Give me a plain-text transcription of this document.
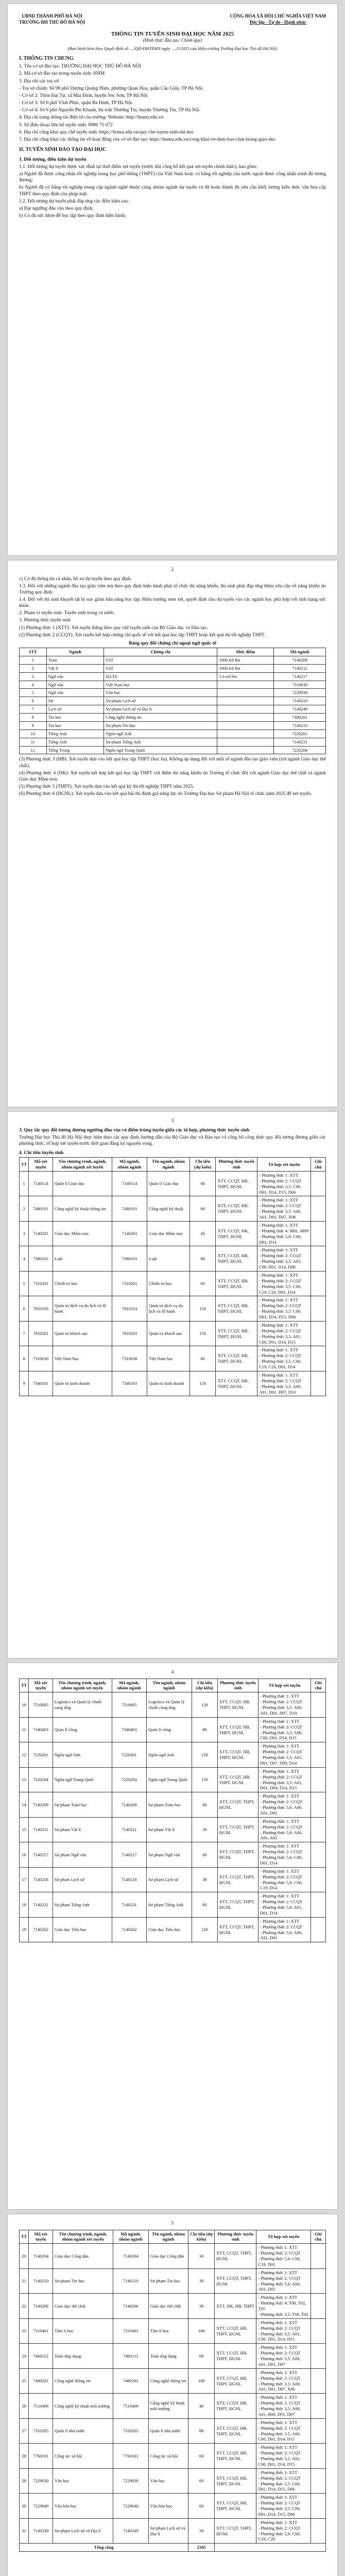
UBND THÀNH PHỐ HÀ NỘI
TRƯỜNG ĐH THỦ ĐÔ HÀ NỘI
CỘNG HÒA XÃ HỘI CHỦ NGHĨA VIỆT NAM
Độc lập - Tự do - Hạnh phúc
THÔNG TIN TUYỂN SINH ĐẠI HỌC NĂM 2025
(Hình thức đào tạo: Chính quy)
(Ban hành kèm theo Quyết định số ..../QĐ-ĐHTĐHN ngày ..../5/2025 của Hiệu trưởng Trường Đại học Thủ đô Hà Nội)
I. THÔNG TIN CHUNG

1. Tên cơ sở đào tạo: TRƯỜNG ĐẠI HỌC THỦ ĐÔ HÀ NỘI

2. Mã cơ sở đào tạo trong tuyển sinh: HNM

3. Địa chỉ các trụ sở:

- Trụ sở chính: Số 98 phố Dương Quảng Hàm, phường Quan Hoa, quận Cầu Giấy, TP Hà Nội.

- Cơ sở 2: Thôn Đại Tự, xã Mai Đình, huyện Sóc Sơn, TP Hà Nội.

- Cơ sở 3: Số 6 phố Vĩnh Phúc, quận Ba Đình, TP Hà Nội.

- Cơ sở 4: Số 6 phố Nguyễn Phi Khanh, thị trấn Thường Tín, huyện Thường Tín, TP Hà Nội.

4. Địa chỉ trang thông tin điện tử của trường: Website: http://hnmu.edu.vn

5. Số điện thoại liên hệ tuyển sinh: 0986 75 072

6. Địa chỉ công khai quy chế tuyển sinh: https://hnmu.edu.vn/quy-che-tuyen-sinh-dai-hoc

7. Địa chỉ công khai các thông tin về hoạt động của cơ sở đào tạo: https://hnmu.edu.vn/cong-khai-ve-dam-bao-chat-luong-giao-duc

II. TUYỂN SINH ĐÀO TẠO ĐẠI HỌC
1. Đối tượng, điều kiện dự tuyển

1.1. Đối tượng dự tuyển được xác định tại thời điểm xét tuyển (trước khi công bố kết quả xét tuyển chính thức), bao gồm:

a) Người đã được công nhận tốt nghiệp trung học phổ thông (THPT) của Việt Nam hoặc có bằng tốt nghiệp của nước ngoài được công nhận trình độ tương đương;

b) Người đã có bằng tốt nghiệp trung cấp ngành nghề thuộc cùng nhóm ngành dự tuyển và đã hoàn thành đủ yêu cầu khối lượng kiến thức văn hóa cấp THPT theo quy định của pháp luật.

1.2. Đối tượng dự tuyển phải đáp ứng các điều kiện sau:

a) Đạt ngưỡng đầu vào theo quy định;

b) Có đủ sức khỏe để học tập theo quy định hiện hành;

2

c) Có đủ thông tin cá nhân, hồ sơ dự tuyển theo quy định.

1.3. Đối với những ngành đào tạo giáo viên mà theo quy định hiện hành phải tổ chức thi năng khiếu, thí sinh phải đáp ứng thêm yêu cầu về năng khiếu do Trường quy định.

1.4. Đối với thí sinh khuyết tật bị suy giảm khả năng học tập: Hiệu trưởng xem xét, quyết định cho dự tuyển vào các ngành học phù hợp với tình trạng sức khỏe.

2. Phạm vi tuyển sinh: Tuyển sinh trong cả nước.

3. Phương thức tuyển sinh

(1) Phương thức 1 (XTT): Xét tuyển thẳng theo quy chế tuyển sinh của Bộ Giáo dục và Đào tạo.

(2) Phương thức 2 (CCQT): Xét tuyển kết hợp chứng chỉ quốc tế với kết quả học tập THPT hoặc kết quả thi tốt nghiệp THPT.

Bảng quy đổi chứng chỉ ngoại ngữ quốc tế

STT	Ngành	Chứng chỉ	Mức điểm	Mã ngành
1	Toán	SAT	1000 trở lên	7140209
2	Vật lí	SAT	1000 trở lên	7140211
3	Ngữ văn	IELTS	5.0 trở lên	7140217
4	Ngữ văn	Việt Nam học		7310630
5	Ngữ văn	Văn học		7229030
6	Sử	Sư phạm Lịch sử		7140218
7	Lịch sử	Sư phạm Lịch sử và Địa lí		7140249
8	Tin học	Công nghệ thông tin		7480201
9	Tin học	Sư phạm Tin học		7140210
10	Tiếng Anh	Ngôn ngữ Anh		7220201
11	Tiếng Anh	Sư phạm Tiếng Anh		7140231
12	Tiếng Trung	Ngôn ngữ Trung Quốc		7220204

(3) Phương thức 3 (HB): Xét tuyển dựa vào kết quả học tập THPT (học bạ). Không áp dụng đối với một số ngành đào tạo giáo viên (trừ ngành Giáo dục thể chất).

(4) Phương thức 4 (NK): Xét tuyển kết hợp kết quả học tập THPT với điểm thi năng khiếu do Trường tổ chức đối với ngành Giáo dục thể chất và ngành Giáo dục Mầm non.

(5) Phương thức 5 (THPT): Xét tuyển dựa vào kết quả kỳ thi tốt nghiệp THPT năm 2025.

(6) Phương thức 6 (ĐGNL): Xét tuyển dựa vào kết quả bài thi đánh giá năng lực do Trường Đại học Sư phạm Hà Nội tổ chức năm 2025 để xét tuyển.

3
3. Quy tắc quy đổi tương đương ngưỡng đầu vào và điểm trúng tuyển giữa các tổ hợp, phương thức tuyển sinh

Trường Đại học Thủ đô Hà Nội thực hiện theo các quy định, hướng dẫn của Bộ Giáo dục và Đào tạo và công bố công thức quy đổi tương đương giữa các phương thức, tổ hợp xét tuyển trước thời gian đăng ký nguyện vọng.

4. Chỉ tiêu tuyển sinh
TT	Mã xét tuyển	Tên chương trình, ngành, nhóm ngành xét tuyển	Mã ngành, nhóm ngành	Tên ngành, nhóm ngành	Chỉ tiêu (dự kiến)	Phương thức tuyển sinh	Tổ hợp xét tuyển	Ghi chú
1	7140114	Quản lí Giáo dục	7140114	Quản lí Giáo dục	60	XTT, CCQT, HB, THPT, ĐGNL	- Phương thức 1: XTT
- Phương thức 2: CCQT
- Phương thức 3,5: C00, D01, D14, D15, D66	
2	7480101	Công nghệ kỹ thuật thông tin	7480101	Công nghệ kỹ thuật	60	XTT, CCQT, HB, THPT, ĐGNL	- Phương thức 1: XTT
- Phương thức 2: CCQT
- Phương thức 3,5: A00, A01, D01, D07, X06	
3	7140201	Giáo dục Mầm non	7140201	Giáo dục Mầm non	45	XTT, CCQT, NK, THPT, ĐGNL	- Phương thức 1: XTT
- Phương thức 4: M01, M09
- Phương thức 5,6: C00, D01, D14	
4	7380101	Luật	7380101	Luật	80	XTT, CCQT, HB, THPT, ĐGNL	- Phương thức 1: XTT
- Phương thức 2: CCQT
- Phương thức 3,5: A01, C00, D01, D14, D66	
5	7310201	Chính trị học	7310201	Chính trị học	60	XTT, CCQT, HB, THPT, ĐGNL	- Phương thức 1: XTT
- Phương thức 2: CCQT
- Phương thức 3,5: C00, C19, C20, D01, D14	
6	7810103	Quản trị dịch vụ du lịch và lữ hành	7810103	Quản trị dịch vụ du lịch và lữ hành	150	XTT, CCQT, HB, THPT, ĐGNL	- Phương thức 1: XTT
- Phương thức 2: CCQT
- Phương thức 3,5: C00, D01, D14, D15, D66	
7	7810201	Quản trị khách sạn	7810201	Quản trị khách sạn	150	XTT, CCQT, HB, THPT, ĐGNL	- Phương thức 1: XTT
- Phương thức 2: CCQT
- Phương thức 3,5: A01, C00, D01, D14, D15	
8	7310630	Việt Nam học	7310630	Việt Nam học	80	XTT, CCQT, HB, THPT, ĐGNL	- Phương thức 1: XTT
- Phương thức 2: CCQT
- Phương thức 3,5: C00, C19, C20, D01, D14	
9	7340101	Quản trị kinh doanh	7340101	Quản trị kinh doanh	150	XTT, CCQT, HB, THPT, ĐGNL	- Phương thức 1: XTT
- Phương thức 2: CCQT
- Phương thức 3,5: A00, A01, D01, D07, D10	
4
TT	Mã xét tuyển	Tên chương trình, ngành, nhóm ngành xét tuyển	Mã ngành, nhóm ngành	Tên ngành, nhóm ngành	Chỉ tiêu (dự kiến)	Phương thức tuyển sinh	Tổ hợp xét tuyển	Ghi chú
10	7510605	Logistics và Quản lý chuỗi cung ứng	7510605	Logistics và Quản lý chuỗi cung ứng	120	XTT, CCQT, HB, THPT, ĐGNL	- Phương thức 1: XTT
- Phương thức 2: CCQT
- Phương thức 3,5: A00, A01, D01, D07, D10	
11	7340403	Quản lí công	7340403	Quản lí công	80	XTT, CCQT, HB, THPT, ĐGNL	- Phương thức 1: XTT
- Phương thức 2: CCQT
- Phương thức 3,5: A00, C00, D01, D14, D15	
12	7220201	Ngôn ngữ Anh	7220201	Ngôn ngữ Anh	150	XTT, CCQT, HB, THPT, ĐGNL	- Phương thức 1: XTT
- Phương thức 2: CCQT
- Phương thức 3,5: A01, D01, D07, D09, D14	
13	7220204	Ngôn ngữ Trung Quốc	7220204	Ngôn ngữ Trung Quốc	150	XTT, CCQT, HB, THPT, ĐGNL	- Phương thức 1: XTT
- Phương thức 2: CCQT
- Phương thức 3,5: A01, D01, D04, D14, D15	
14	7140209	Sư phạm Toán học	7140209	Sư phạm Toán học	60	XTT, CCQT, THPT, ĐGNL	- Phương thức 1: XTT
- Phương thức 2: CCQT
- Phương thức 5,6: A00, A01, D01	
15	7140211	Sư phạm Vật lí	7140211	Sư phạm Vật lí	30	XTT, CCQT, THPT, ĐGNL	- Phương thức 1: XTT
- Phương thức 2: CCQT
- Phương thức 5,6: A00, A01, A02	
16	7140217	Sư phạm Ngữ văn	7140217	Sư phạm Ngữ văn	60	XTT, CCQT, THPT, ĐGNL	- Phương thức 1: XTT
- Phương thức 2: CCQT
- Phương thức 5,6: C00, D01, D14	
17	7140218	Sư phạm Lịch sử	7140218	Sư phạm Lịch sử	30	XTT, CCQT, THPT, ĐGNL	- Phương thức 1: XTT
- Phương thức 2: CCQT
- Phương thức 5,6: C00, C19, D14	
18	7140231	Sư phạm Tiếng Anh	7140231	Sư phạm Tiếng Anh	60	XTT, CCQT, THPT, ĐGNL	- Phương thức 1: XTT
- Phương thức 2: CCQT
- Phương thức 5,6: A01, D01, D14	
19	7140202	Giáo dục Tiểu học	7140202	Giáo dục Tiểu học	120	XTT, CCQT, THPT, ĐGNL	- Phương thức 1: XTT
- Phương thức 2: CCQT
- Phương thức 5,6: A00, A01, D01	
5
TT	Mã xét tuyển	Tên chương trình, ngành, nhóm ngành xét tuyển	Mã ngành, nhóm ngành	Tên ngành, nhóm ngành	Chỉ tiêu (dự kiến)	Phương thức tuyển sinh	Tổ hợp xét tuyển	Ghi chú
20	7140204	Giáo dục Công dân	7140204	Giáo dục Công dân	30	XTT, CCQT, THPT, ĐGNL	- Phương thức 1: XTT
- Phương thức 2: CCQT
- Phương thức 5,6: C00, C19, D01	
21	7140210	Sư phạm Tin học	7140210	Sư phạm Tin học	30	XTT, CCQT, THPT, ĐGNL	- Phương thức 1: XTT
- Phương thức 2: CCQT
- Phương thức 5,6: A00, A01, D01	
22	7140206	Giáo dục thể chất	7140206	Giáo dục thể chất	30	XTT, NK, HB, THPT	- Phương thức 1: XTT
- Phương thức 4: T00, T02, T05
- Phương thức 3,5: T00, T02	
23	7310401	Tâm lí học	7310401	Tâm lí học	100	XTT, CCQT, HB, THPT, ĐGNL	- Phương thức 1: XTT
- Phương thức 2: CCQT
- Phương thức 3,5: A01, C00, D01, D14, D15	
24	7460112	Toán ứng dụng	7460112	Toán ứng dụng	60	XTT, CCQT, HB, THPT, ĐGNL	- Phương thức 1: XTT
- Phương thức 2: CCQT
- Phương thức 3,5: A00, A01, D01, D07	
25	7480201	Công nghệ thông tin	7480201	Công nghệ thông tin	180	XTT, CCQT, HB, THPT, ĐGNL	- Phương thức 1: XTT
- Phương thức 2: CCQT
- Phương thức 3,5: A00, A01, D01, D07, X06	
26	7510406	Công nghệ kỹ thuật môi trường	7510406	Công nghệ kỹ thuật môi trường	40	XTT, CCQT, HB, THPT, ĐGNL	- Phương thức 1: XTT
- Phương thức 2: CCQT
- Phương thức 3,5: A00, A01, B00, D01, D07	
27	7310205	Quản lí nhà nước	7310205	Quản lí nhà nước	80	XTT, CCQT, HB, THPT, ĐGNL	- Phương thức 1: XTT
- Phương thức 2: CCQT
- Phương thức 3,5: A00, C00, D01, D14, D15	
28	7760101	Công tác xã hội	7760101	Công tác xã hội	60	XTT, CCQT, HB, THPT, ĐGNL	- Phương thức 1: XTT
- Phương thức 2: CCQT
- Phương thức 3,5: A01, C00, D01, D14, D15	
29	7229030	Văn học	7229030	Văn học	60	XTT, CCQT, HB, THPT, ĐGNL	- Phương thức 1: XTT
- Phương thức 2: CCQT
- Phương thức 3,5: C00, D01, D14, D15, D66	
30	7229040	Văn hóa học	7229040	Văn hóa học	60	XTT, CCQT, HB, THPT, ĐGNL	- Phương thức 1: XTT
- Phương thức 2: CCQT
- Phương thức 3,5: C00, D01, D14, D15, D66	
31	7140249	Sư phạm Lịch sử và Địa lí	7140249	Sư phạm Lịch sử và Địa lí	30	XTT, CCQT, THPT, ĐGNL	- Phương thức 1: XTT
- Phương thức 2: CCQT
- Phương thức 5,6: C00, C19, C20	
Tổng cộng					2345			
